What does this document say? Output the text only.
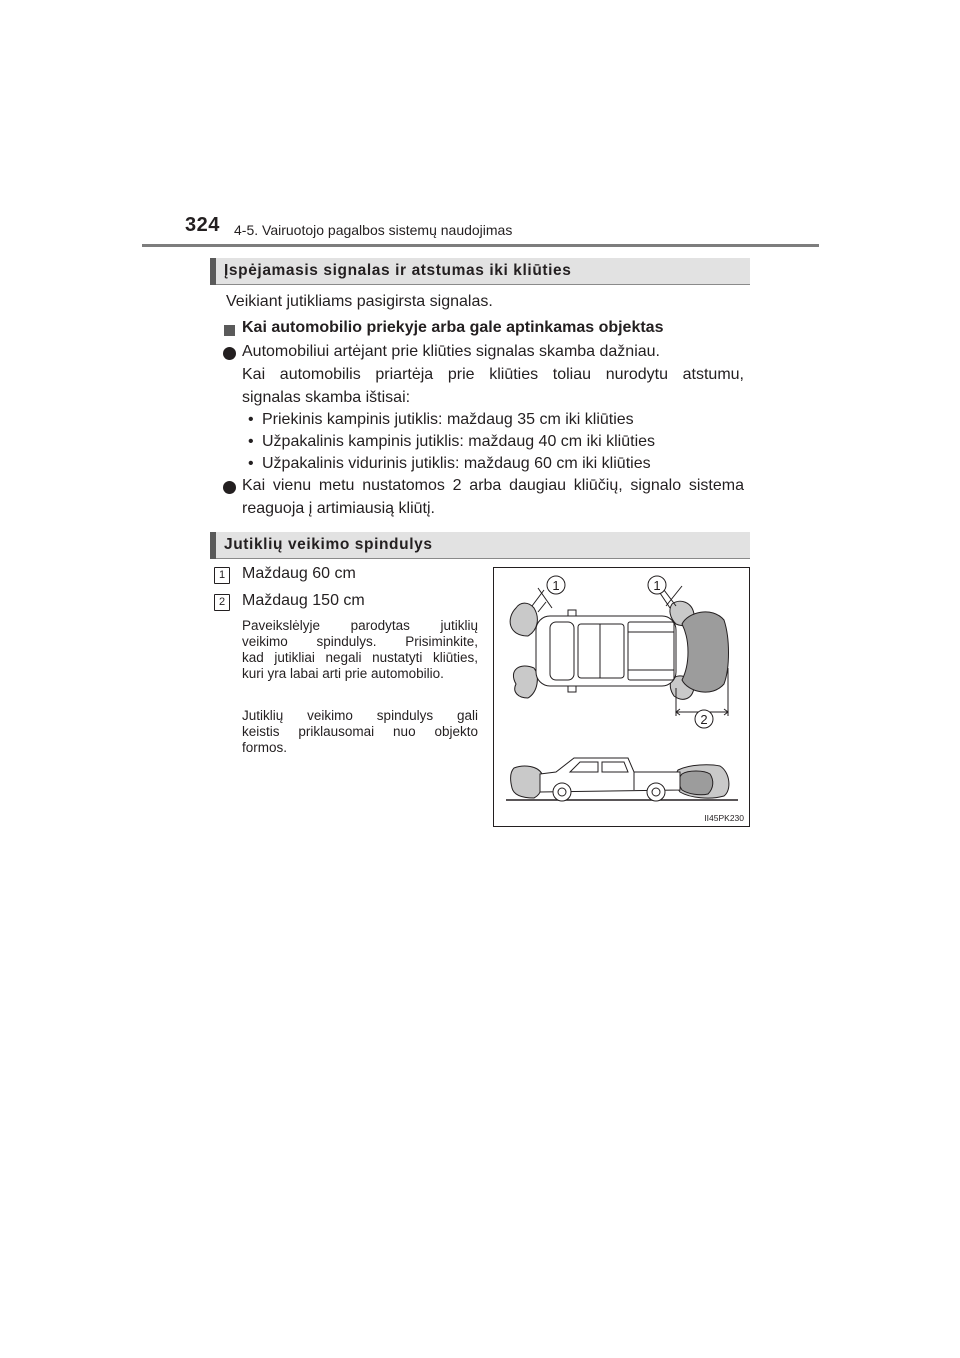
324 4-5. Vairuotojo pagalbos sistemų naudojimas
Įspėjamasis signalas ir atstumas iki kliūties
Veikiant jutikliams pasigirsta signalas.
Kai automobilio priekyje arba gale aptinkamas objektas
Automobiliui artėjant prie kliūties signalas skamba dažniau.
Kai automobilis priartėja prie kliūties toliau nurodytu atstumu,
signalas skamba ištisai:
• Priekinis kampinis jutiklis: maždaug 35 cm iki kliūties
• Užpakalinis kampinis jutiklis: maždaug 40 cm iki kliūties
• Užpakalinis vidurinis jutiklis: maždaug 60 cm iki kliūties
Kai vienu metu nustatomos 2 arba daugiau kliūčių, signalo sistema
reaguoja į artimiausią kliūtį.
Jutiklių veikimo spindulys
1	Maždaug 60 cm
2	Maždaug 150 cm
Paveikslėlyje parodytas jutiklių
veikimo spindulys. Prisiminkite,
kad jutikliai negali nustatyti kliūties,
kuri yra labai arti prie automobilio.
Jutiklių veikimo spindulys gali
keistis priklausomai nuo objekto
formos.
1	1
2
II45PK230
